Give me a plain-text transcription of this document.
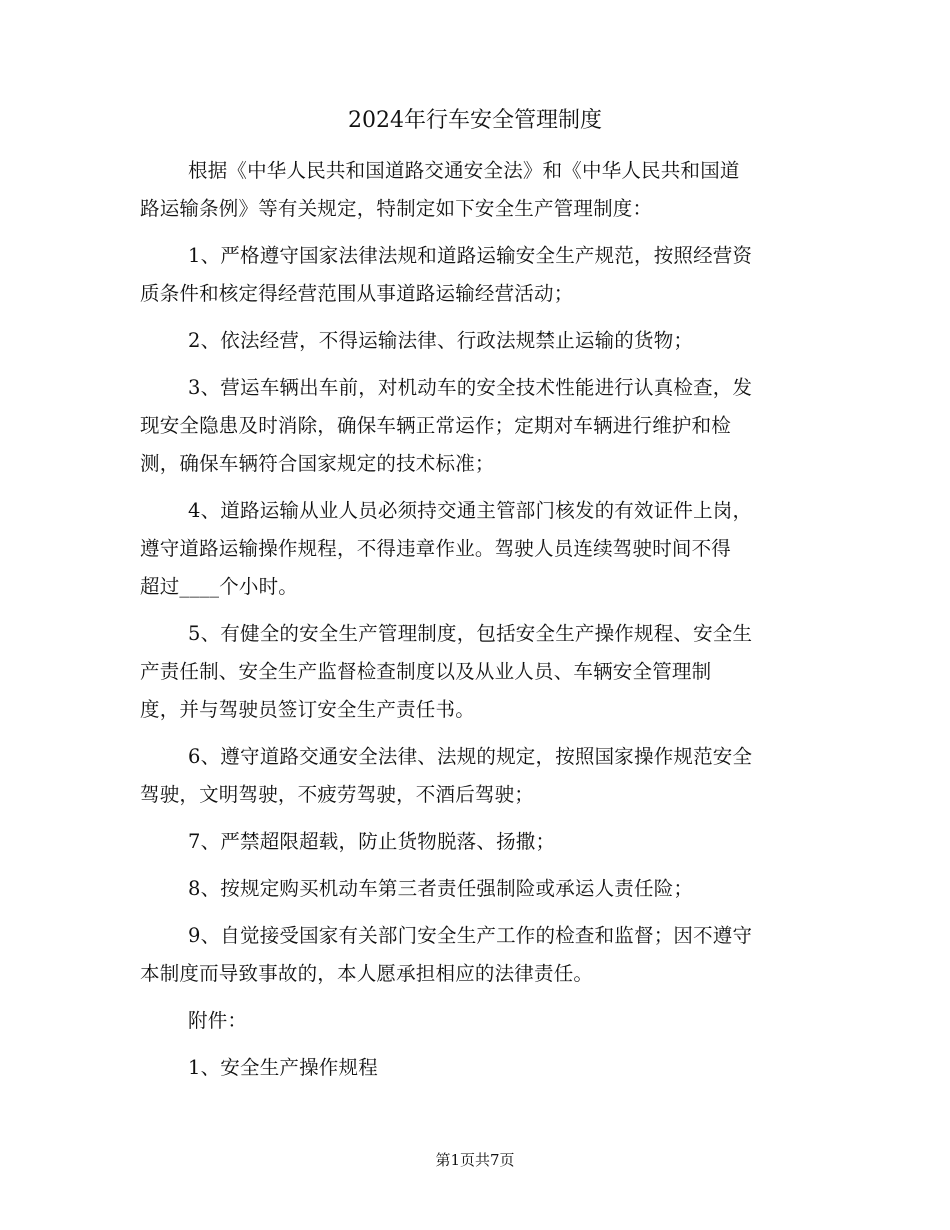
2024年行车安全管理制度
根据《中华人民共和国道路交通安全法》和《中华人民共和国道
路运输条例》等有关规定，特制定如下安全生产管理制度：
1、严格遵守国家法律法规和道路运输安全生产规范，按照经营资
质条件和核定得经营范围从事道路运输经营活动；
2、依法经营，不得运输法律、行政法规禁止运输的货物；
3、营运车辆出车前，对机动车的安全技术性能进行认真检查，发
现安全隐患及时消除，确保车辆正常运作；定期对车辆进行维护和检
测，确保车辆符合国家规定的技术标准；
4、道路运输从业人员必须持交通主管部门核发的有效证件上岗，
遵守道路运输操作规程，不得违章作业。驾驶人员连续驾驶时间不得
超过____个小时。
5、有健全的安全生产管理制度，包括安全生产操作规程、安全生
产责任制、安全生产监督检查制度以及从业人员、车辆安全管理制
度，并与驾驶员签订安全生产责任书。
6、遵守道路交通安全法律、法规的规定，按照国家操作规范安全
驾驶，文明驾驶，不疲劳驾驶，不酒后驾驶；
7、严禁超限超载，防止货物脱落、扬撒；
8、按规定购买机动车第三者责任强制险或承运人责任险；
9、自觉接受国家有关部门安全生产工作的检查和监督；因不遵守
本制度而导致事故的，本人愿承担相应的法律责任。
附件：
1、安全生产操作规程
第1页共7页
